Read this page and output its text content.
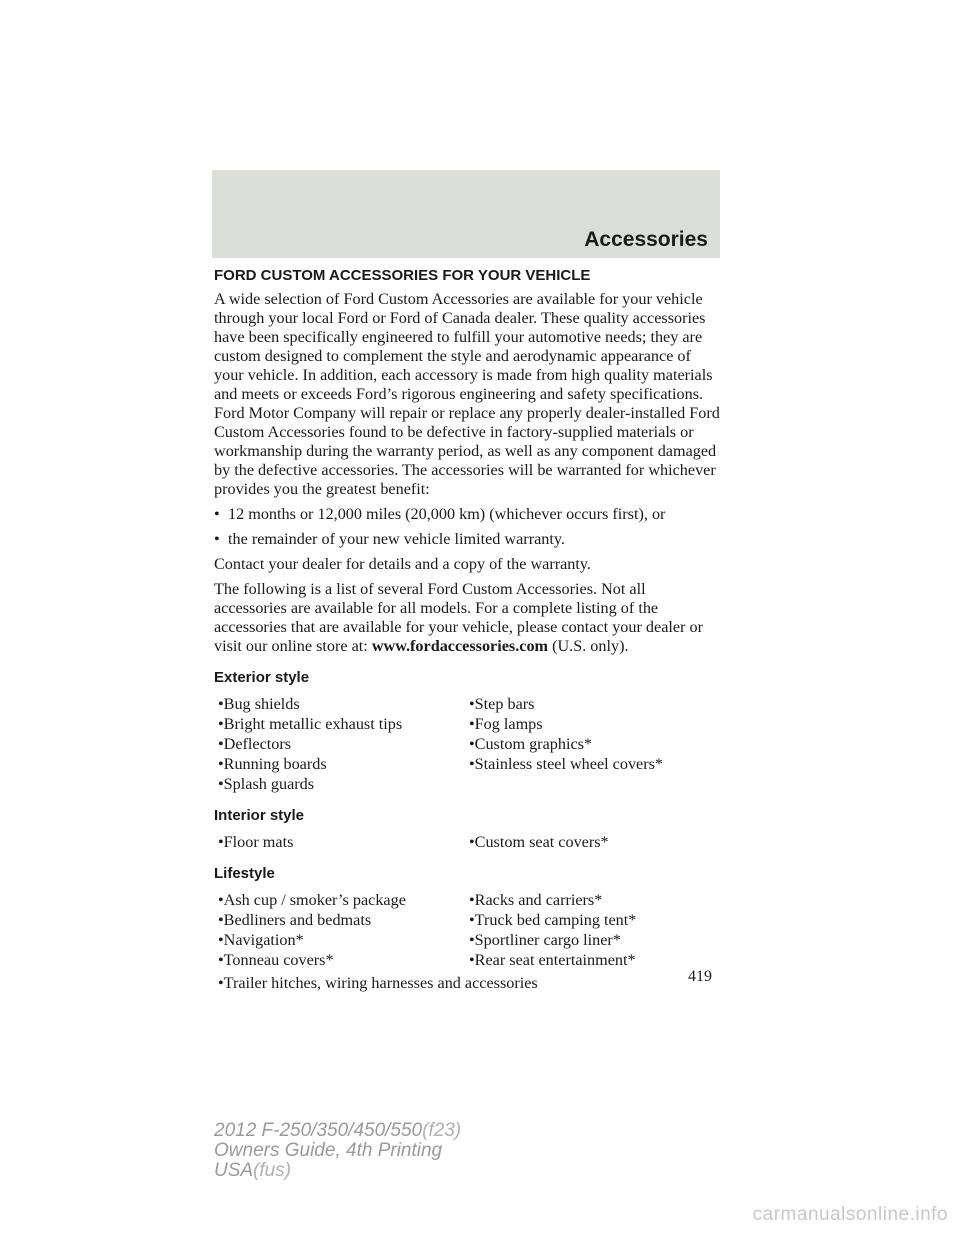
Accessories
FORD CUSTOM ACCESSORIES FOR YOUR VEHICLE

A wide selection of Ford Custom Accessories are available for your vehicle through your local Ford or Ford of Canada dealer. These quality accessories have been specifically engineered to fulfill your automotive needs; they are custom designed to complement the style and aerodynamic appearance of your vehicle. In addition, each accessory is made from high quality materials and meets or exceeds Ford’s rigorous engineering and safety specifications. Ford Motor Company will repair or replace any properly dealer-installed Ford Custom Accessories found to be defective in factory-supplied materials or workmanship during the warranty period, as well as any component damaged by the defective accessories. The accessories will be warranted for whichever provides you the greatest benefit:

• 12 months or 12,000 miles (20,000 km) (whichever occurs first), or
• the remainder of your new vehicle limited warranty.

Contact your dealer for details and a copy of the warranty.

The following is a list of several Ford Custom Accessories. Not all accessories are available for all models. For a complete listing of the accessories that are available for your vehicle, please contact your dealer or visit our online store at: www.fordaccessories.com (U.S. only).

Exterior style
•Bug shields	•Step bars
•Bright metallic exhaust tips	•Fog lamps
•Deflectors	•Custom graphics*
•Running boards	•Stainless steel wheel covers*
•Splash guards
Interior style
•Floor mats	•Custom seat covers*
Lifestyle
•Ash cup / smoker’s package	•Racks and carriers*
•Bedliners and bedmats	•Truck bed camping tent*
•Navigation*	•Sportliner cargo liner*
•Tonneau covers*	•Rear seat entertainment*
•Trailer hitches, wiring harnesses and accessories	419
2012 F-250/350/450/550(f23)
Owners Guide, 4th Printing
USA(fus)
carmanualsonline.info
